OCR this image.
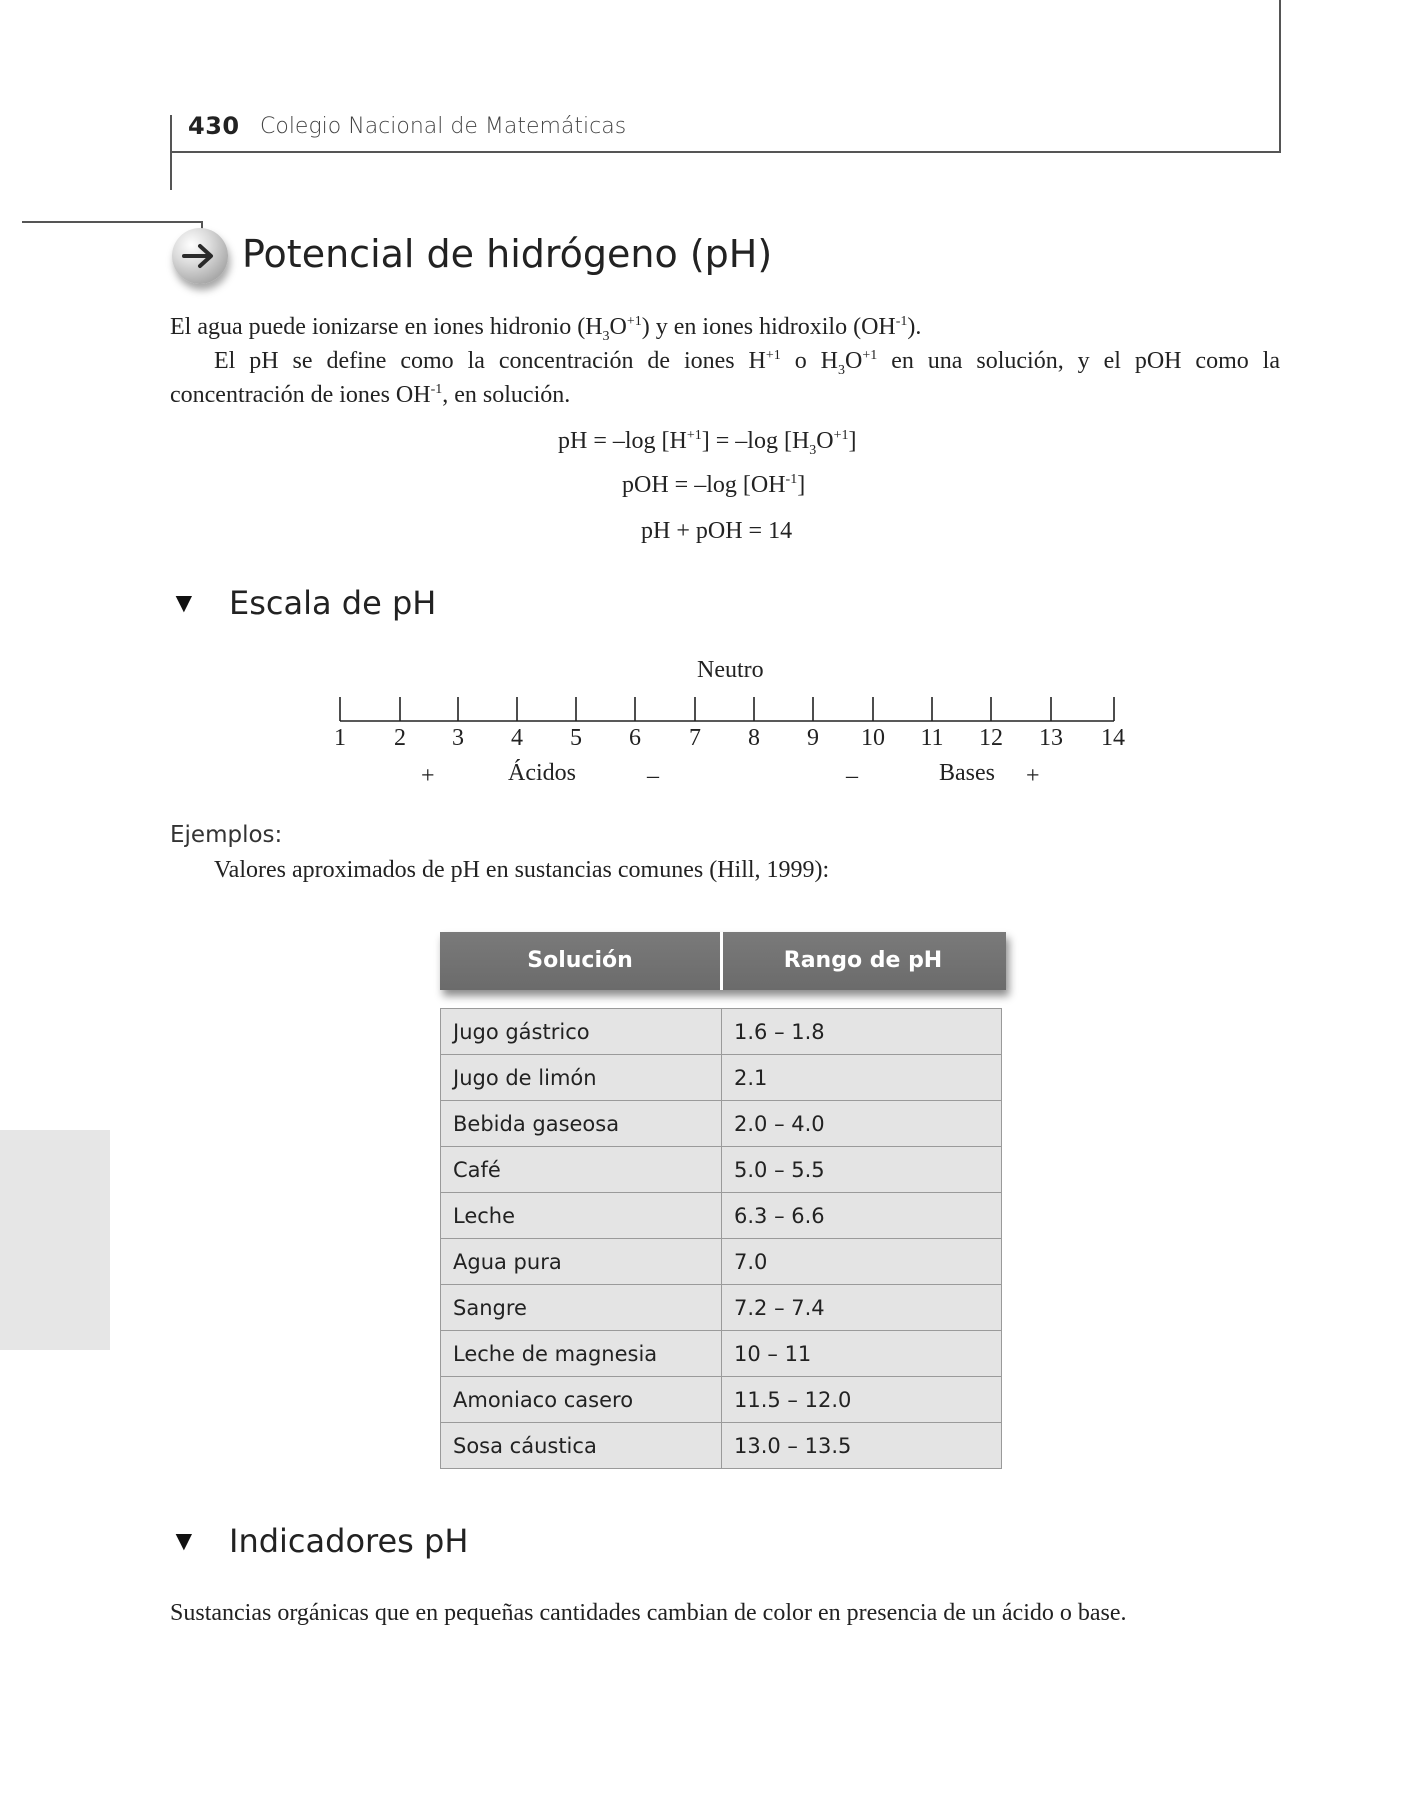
430 Colegio Nacional de Matemáticas
Potencial de hidrógeno (pH)
El agua puede ionizarse en iones hidronio $(H_3O^{+1})$ y en iones hidroxilo $(OH^{-1})$.
El pH se define como la concentración de iones $H^{+1}$ o $H_3O^{+1}$ en una solución, y el pOH como la
concentración de iones $OH^{-1}$, en solución.
pH = –log $[H^{+1}] = -\log$ $[H_3O^{+1}]$
pOH = –log $[OH^{-1}]$
pH + pOH = 14
▼ Escala de pH
Neutro
1	2	3	4	5	6	7	8	9	10	11	12	13	14
+	Ácidos	–	–	Bases +
Ejemplos:
Valores aproximados de pH en sustancias comunes (Hill, 1999):
Solución	Rango de pH
Jugo gástrico	1.6 – 1.8
Jugo de limón	2.1
Bebida gaseosa	2.0 – 4.0
Café	5.0 – 5.5
Leche	6.3 – 6.6
Agua pura	7.0
Sangre	7.2 – 7.4
Leche de magnesia	10 – 11
Amoniaco casero	11.5 – 12.0
Sosa cáustica	13.0 – 13.5
▼ Indicadores pH
Sustancias orgánicas que en pequeñas cantidades cambian de color en presencia de un ácido o base.
